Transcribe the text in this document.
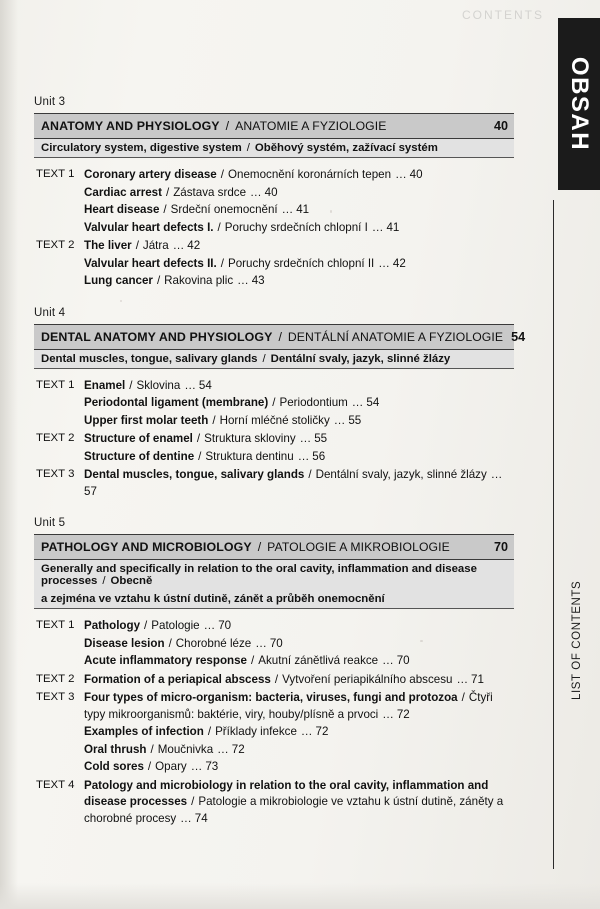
CONTENTS
OBSAH
LIST OF CONTENTS
Unit 3
ANATOMY AND PHYSIOLOGY / ANATOMIE A FYZIOLOGIE	40
Circulatory system, digestive system / Oběhový systém, zažívací systém
TEXT 1 Coronary artery disease / Onemocnění koronárních tepen … 40
Cardiac arrest / Zástava srdce … 40
Heart disease / Srdeční onemocnění … 41
Valvular heart defects I. / Poruchy srdečních chlopní I … 41
TEXT 2 The liver / Játra … 42
Valvular heart defects II. / Poruchy srdečních chlopní II … 42
Lung cancer / Rakovina plic … 43
Unit 4
DENTAL ANATOMY AND PHYSIOLOGY / DENTÁLNÍ ANATOMIE A FYZIOLOGIE 54
Dental muscles, tongue, salivary glands / Dentální svaly, jazyk, slinné žlázy
TEXT 1 Enamel / Sklovina … 54
Periodontal ligament (membrane) / Periodontium … 54
Upper first molar teeth / Horní mléčné stoličky … 55
TEXT 2 Structure of enamel / Struktura skloviny … 55
Structure of dentine / Struktura dentinu … 56
TEXT 3 Dental muscles, tongue, salivary glands / Dentální svaly, jazyk, slinné žlázy …57
Unit 5
PATHOLOGY AND MICROBIOLOGY / PATOLOGIE A MIKROBIOLOGIE	70
Generally and specifically in relation to the oral cavity, inflammation and disease processes / Obecně
a zejména ve vztahu k ústní dutině, zánět a průběh onemocnění
TEXT 1 Pathology / Patologie … 70
Disease lesion / Chorobné léze … 70
Acute inflammatory response / Akutní zánětlivá reakce … 70
TEXT 2 Formation of a periapical abscess / Vytvoření periapikálního abscesu … 71
TEXT 3 Four types of micro-organism: bacteria, viruses, fungi and protozoa / Čtyři typy mikroorganismů: baktérie, viry, houby/plísně a prvoci … 72
Examples of infection / Příklady infekce … 72
Oral thrush / Moučnivka … 72
Cold sores / Opary … 73
TEXT 4 Patology and microbiology in relation to the oral cavity, inflammation and disease processes / Patologie a mikrobiologie ve vztahu k ústní dutině, záněty a chorobné procesy … 74
